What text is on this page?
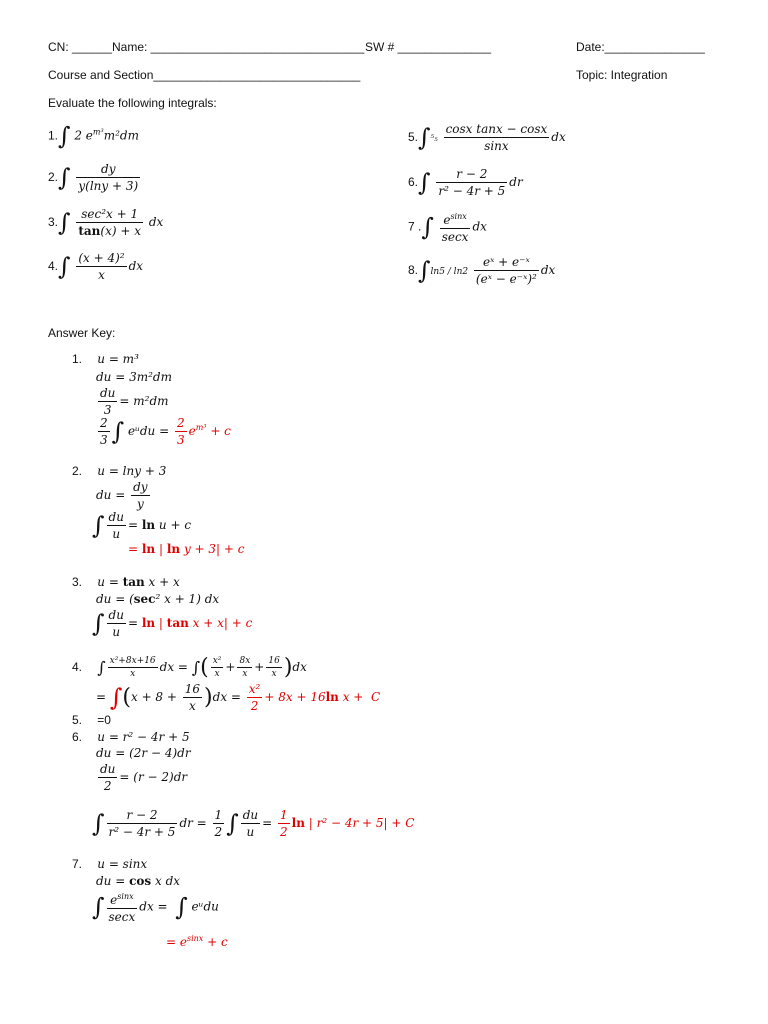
CN: ______ Name: ________________________________ SW # ______________	Date:_______________
Course and Section_______________________________	Topic: Integration
Evaluate the following integrals:
1.∫ 2 $e^{m^3}m^2dm$
$2.\int \frac{dy}{y(\ln y + 3)}$
$3.\int \frac{\text{sec²x + 1}}{\tan(x) + x}$ dx
$4.\int \frac{\text{(x + 4)²}}{x}$ dx
$5.\int^5_5 \frac{\text{cosx tanx − cosx}}{\sin x}$ dx
$6.\int \frac{r - 2}{\text{r² − 4r + 5}}$ dr
7 .∫ $\frac{e^{sinx}}{\sec x}$ dx
$8.\int\ln 5 / \ln 2 \frac{\text{eˣ + e⁻ˣ}}{\text{(eˣ − e⁻ˣ)²}}$ dx
Answer Key:
1.    u = m³
du = 3m²dm
$\frac{du}{3} = m^2dm$
$\frac{2}{3}$ ∫ eᵘdu = $\frac{2}{3} e^{m^3} + c$
2.    u = lny + 3
du = $\frac{dy}{y}$
∫ $\frac{du}{u} = \ln u + c$
= ln | ln y + 3| + c
3.    u = tan x + x
du = (sec² x + 1) dx
∫ $\frac{du}{u} = \ln$ | tan x + x| + c
4. ∫ $\frac{\text{x²+8x+16}}{x}$ dx = ∫( $\frac{\text{x²}}{x} + \frac{8x}{x} + \frac{16}{x} )dx$
= $\int(x + 8 + \frac{16}{x} )dx = \frac{\text{x²}}{2} + 8x + 16\ln$ x +  C
5. =0
6.    u = r² − 4r + 5
du = (2r − 4)dr
$\frac{du}{2} = (r - 2)dr$
∫ $\frac{r - 2}{\text{r² − 4r + 5}}$ dr = $\frac{1}{2}$ ∫ $\frac{du}{u} = \frac{1}{2}$ ln | r² − 4r + 5| + C
7.    u = sinx
du = cos x dx
∫ $\frac{e^{sinx}}{\sec x}$ dx =  ∫ eᵘdu
= $e^{sinx} + c$
